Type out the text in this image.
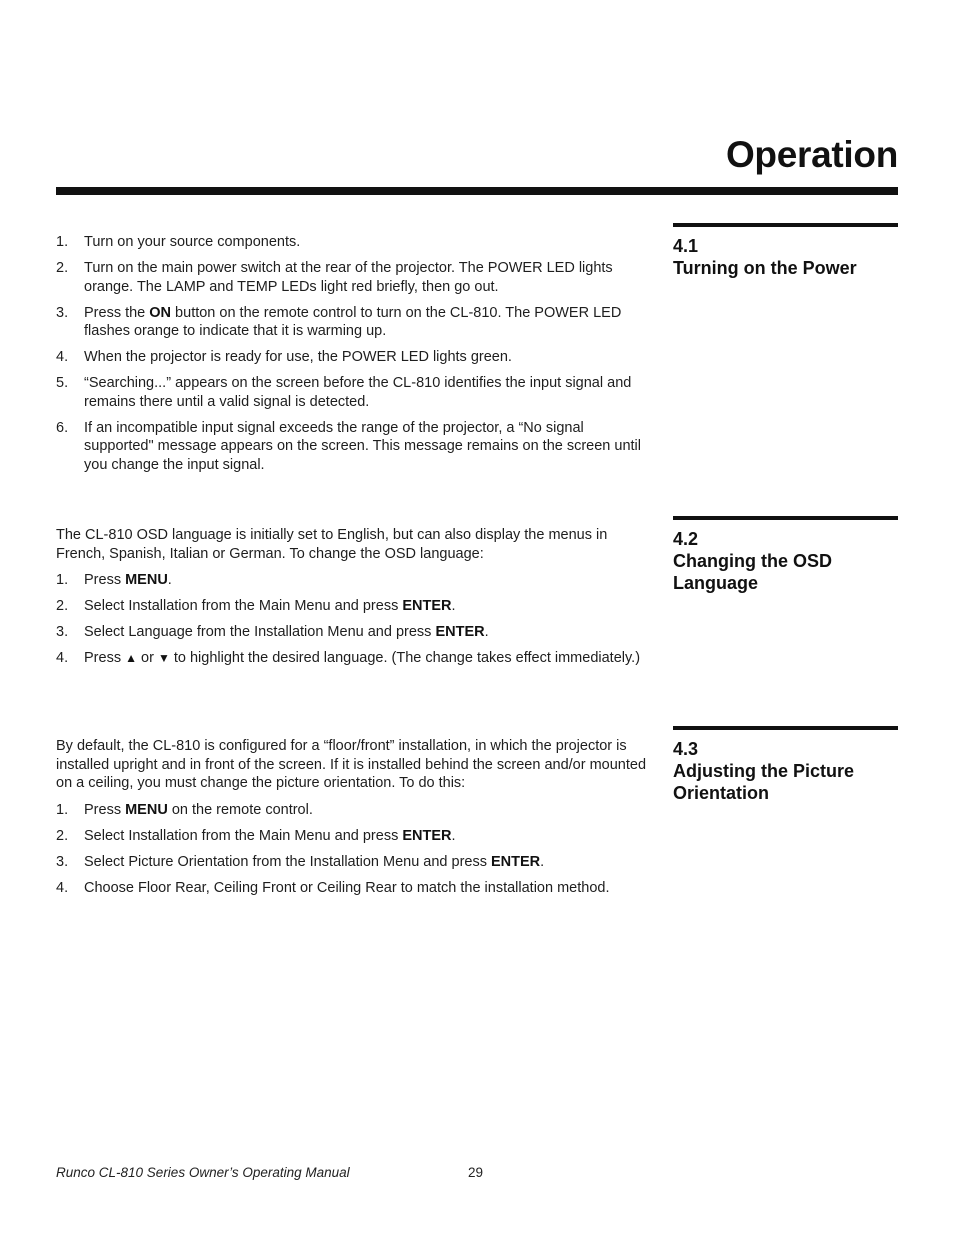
Operation
4.1
Turning on the Power
1. Turn on your source components.
2. Turn on the main power switch at the rear of the projector. The POWER LED lights orange. The LAMP and TEMP LEDs light red briefly, then go out.
3. Press the ON button on the remote control to turn on the CL-810. The POWER LED flashes orange to indicate that it is warming up.
4. When the projector is ready for use, the POWER LED lights green.
5. “Searching...” appears on the screen before the CL-810 identifies the input signal and remains there until a valid signal is detected.
6. If an incompatible input signal exceeds the range of the projector, a “No signal supported" message appears on the screen. This message remains on the screen until you change the input signal.
4.2
Changing the OSD
Language

The CL-810 OSD language is initially set to English, but can also display the menus in French, Spanish, Italian or German. To change the OSD language:

1. Press MENU.
2. Select Installation from the Main Menu and press ENTER.
3. Select Language from the Installation Menu and press ENTER.
4. Press ▲ or ▼ to highlight the desired language. (The change takes effect immediately.)
4.3
Adjusting the Picture
Orientation

By default, the CL-810 is configured for a “floor/front” installation, in which the projector is installed upright and in front of the screen. If it is installed behind the screen and/or mounted on a ceiling, you must change the picture orientation. To do this:

1. Press MENU on the remote control.
2. Select Installation from the Main Menu and press ENTER.
3. Select Picture Orientation from the Installation Menu and press ENTER.
4. Choose Floor Rear, Ceiling Front or Ceiling Rear to match the installation method.

Runco CL-810 Series Owner’s Operating Manual	29
